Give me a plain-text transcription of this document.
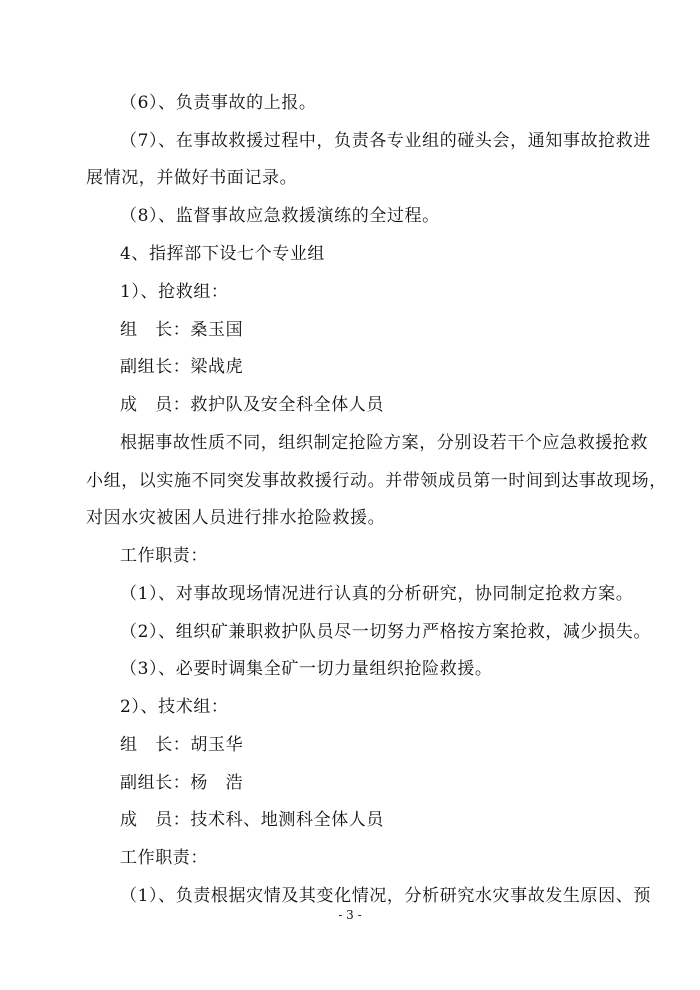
（6）、负责事故的上报。
（7）、在事故救援过程中，负责各专业组的碰头会，通知事故抢救进
展情况，并做好书面记录。
（8）、监督事故应急救援演练的全过程。
4、指挥部下设七个专业组
1）、抢救组：
组　长：桑玉国
副组长：梁战虎
成　员：救护队及安全科全体人员
根据事故性质不同，组织制定抢险方案，分别设若干个应急救援抢救
小组，以实施不同突发事故救援行动。并带领成员第一时间到达事故现场，
对因水灾被困人员进行排水抢险救援。
工作职责：
（1）、对事故现场情况进行认真的分析研究，协同制定抢救方案。
（2）、组织矿兼职救护队员尽一切努力严格按方案抢救，减少损失。
（3）、必要时调集全矿一切力量组织抢险救援。
2）、技术组：
组　长：胡玉华
副组长：杨　浩
成　员：技术科、地测科全体人员
工作职责：
（1）、负责根据灾情及其变化情况，分析研究水灾事故发生原因、预
- 3 -
